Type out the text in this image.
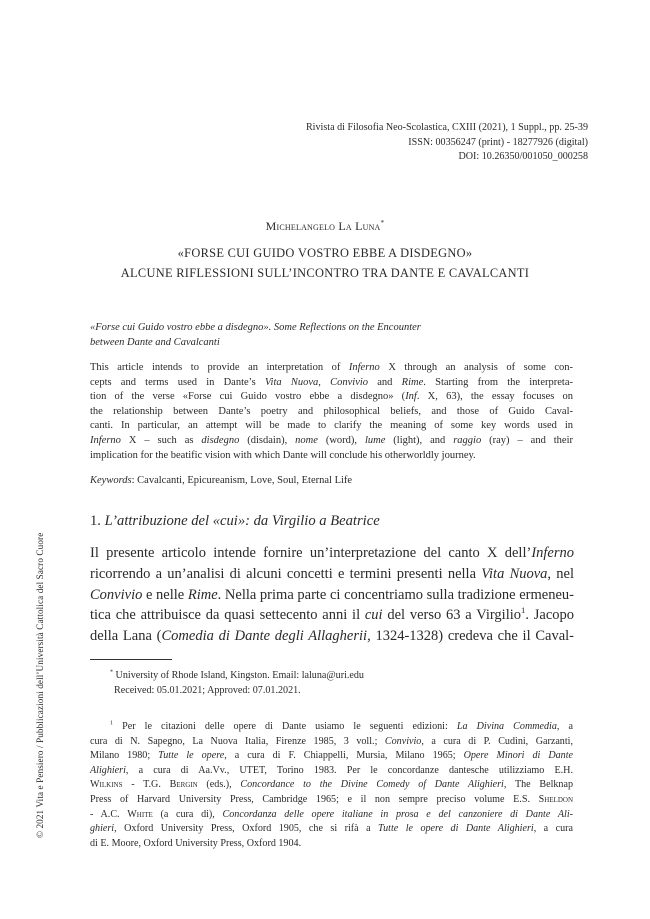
Rivista di Filosofia Neo-Scolastica, CXIII (2021), 1 Suppl., pp. 25-39
ISSN: 00356247 (print) - 18277926 (digital)
DOI: 10.26350/001050_000258
Michelangelo La Luna*
«FORSE CUI GUIDO VOSTRO EBBE A DISDEGNO»
ALCUNE RIFLESSIONI SULL’INCONTRO TRA DANTE E CAVALCANTI
«Forse cui Guido vostro ebbe a disdegno». Some Reflections on the Encounter
between Dante and Cavalcanti
This article intends to provide an interpretation of Inferno X through an analysis of some con-
cepts and terms used in Dante’s Vita Nuova, Convivio and Rime. Starting from the interpreta-
tion of the verse «Forse cui Guido vostro ebbe a disdegno» (Inf. X, 63), the essay focuses on
the relationship between Dante’s poetry and philosophical beliefs, and those of Guido Caval-
canti. In particular, an attempt will be made to clarify the meaning of some key words used in
Inferno X – such as disdegno (disdain), nome (word), lume (light), and raggio (ray) – and their
implication for the beatific vision with which Dante will conclude his otherworldly journey.
Keywords: Cavalcanti, Epicureanism, Love, Soul, Eternal Life
1. L’attribuzione del «cui»: da Virgilio a Beatrice
Il presente articolo intende fornire un’interpretazione del canto X dell’Inferno
ricorrendo a un’analisi di alcuni concetti e termini presenti nella Vita Nuova, nel
Convivio e nelle Rime. Nella prima parte ci concentriamo sulla tradizione ermeneu-
tica che attribuisce da quasi settecento anni il cui del verso 63 a Virgilio$^1$. Jacopo
della Lana (Comedia di Dante degli Allagherii, 1324-1328) credeva che il Caval-
* University of Rhode Island, Kingston. Email: laluna@uri.edu
Received: 05.01.2021; Approved: 07.01.2021.
$^1$ Per le citazioni delle opere di Dante usiamo le seguenti edizioni: La Divina Commedia, a
cura di N. Sapegno, La Nuova Italia, Firenze 1985, 3 voll.; Convivio, a cura di P. Cudini, Garzanti,
Milano 1980; Tutte le opere, a cura di F. Chiappelli, Mursia, Milano 1965; Opere Minori di Dante
Alighieri, a cura di Aa.Vv., UTET, Torino 1983. Per le concordanze dantesche utilizziamo E.H.
Wilkins - T.G. Bergin (eds.), Concordance to the Divine Comedy of Dante Alighieri, The Belknap
Press of Harvard University Press, Cambridge 1965; e il non sempre preciso volume E.S. Sheldon
- A.C. White (a cura di), Concordanza delle opere italiane in prosa e del canzoniere di Dante Ali-
ghieri, Oxford University Press, Oxford 1905, che si rifà a Tutte le opere di Dante Alighieri, a cura
di E. Moore, Oxford University Press, Oxford 1904.
© 2021 Vita e Pensiero / Pubblicazioni dell’Università Cattolica del Sacro Cuore
